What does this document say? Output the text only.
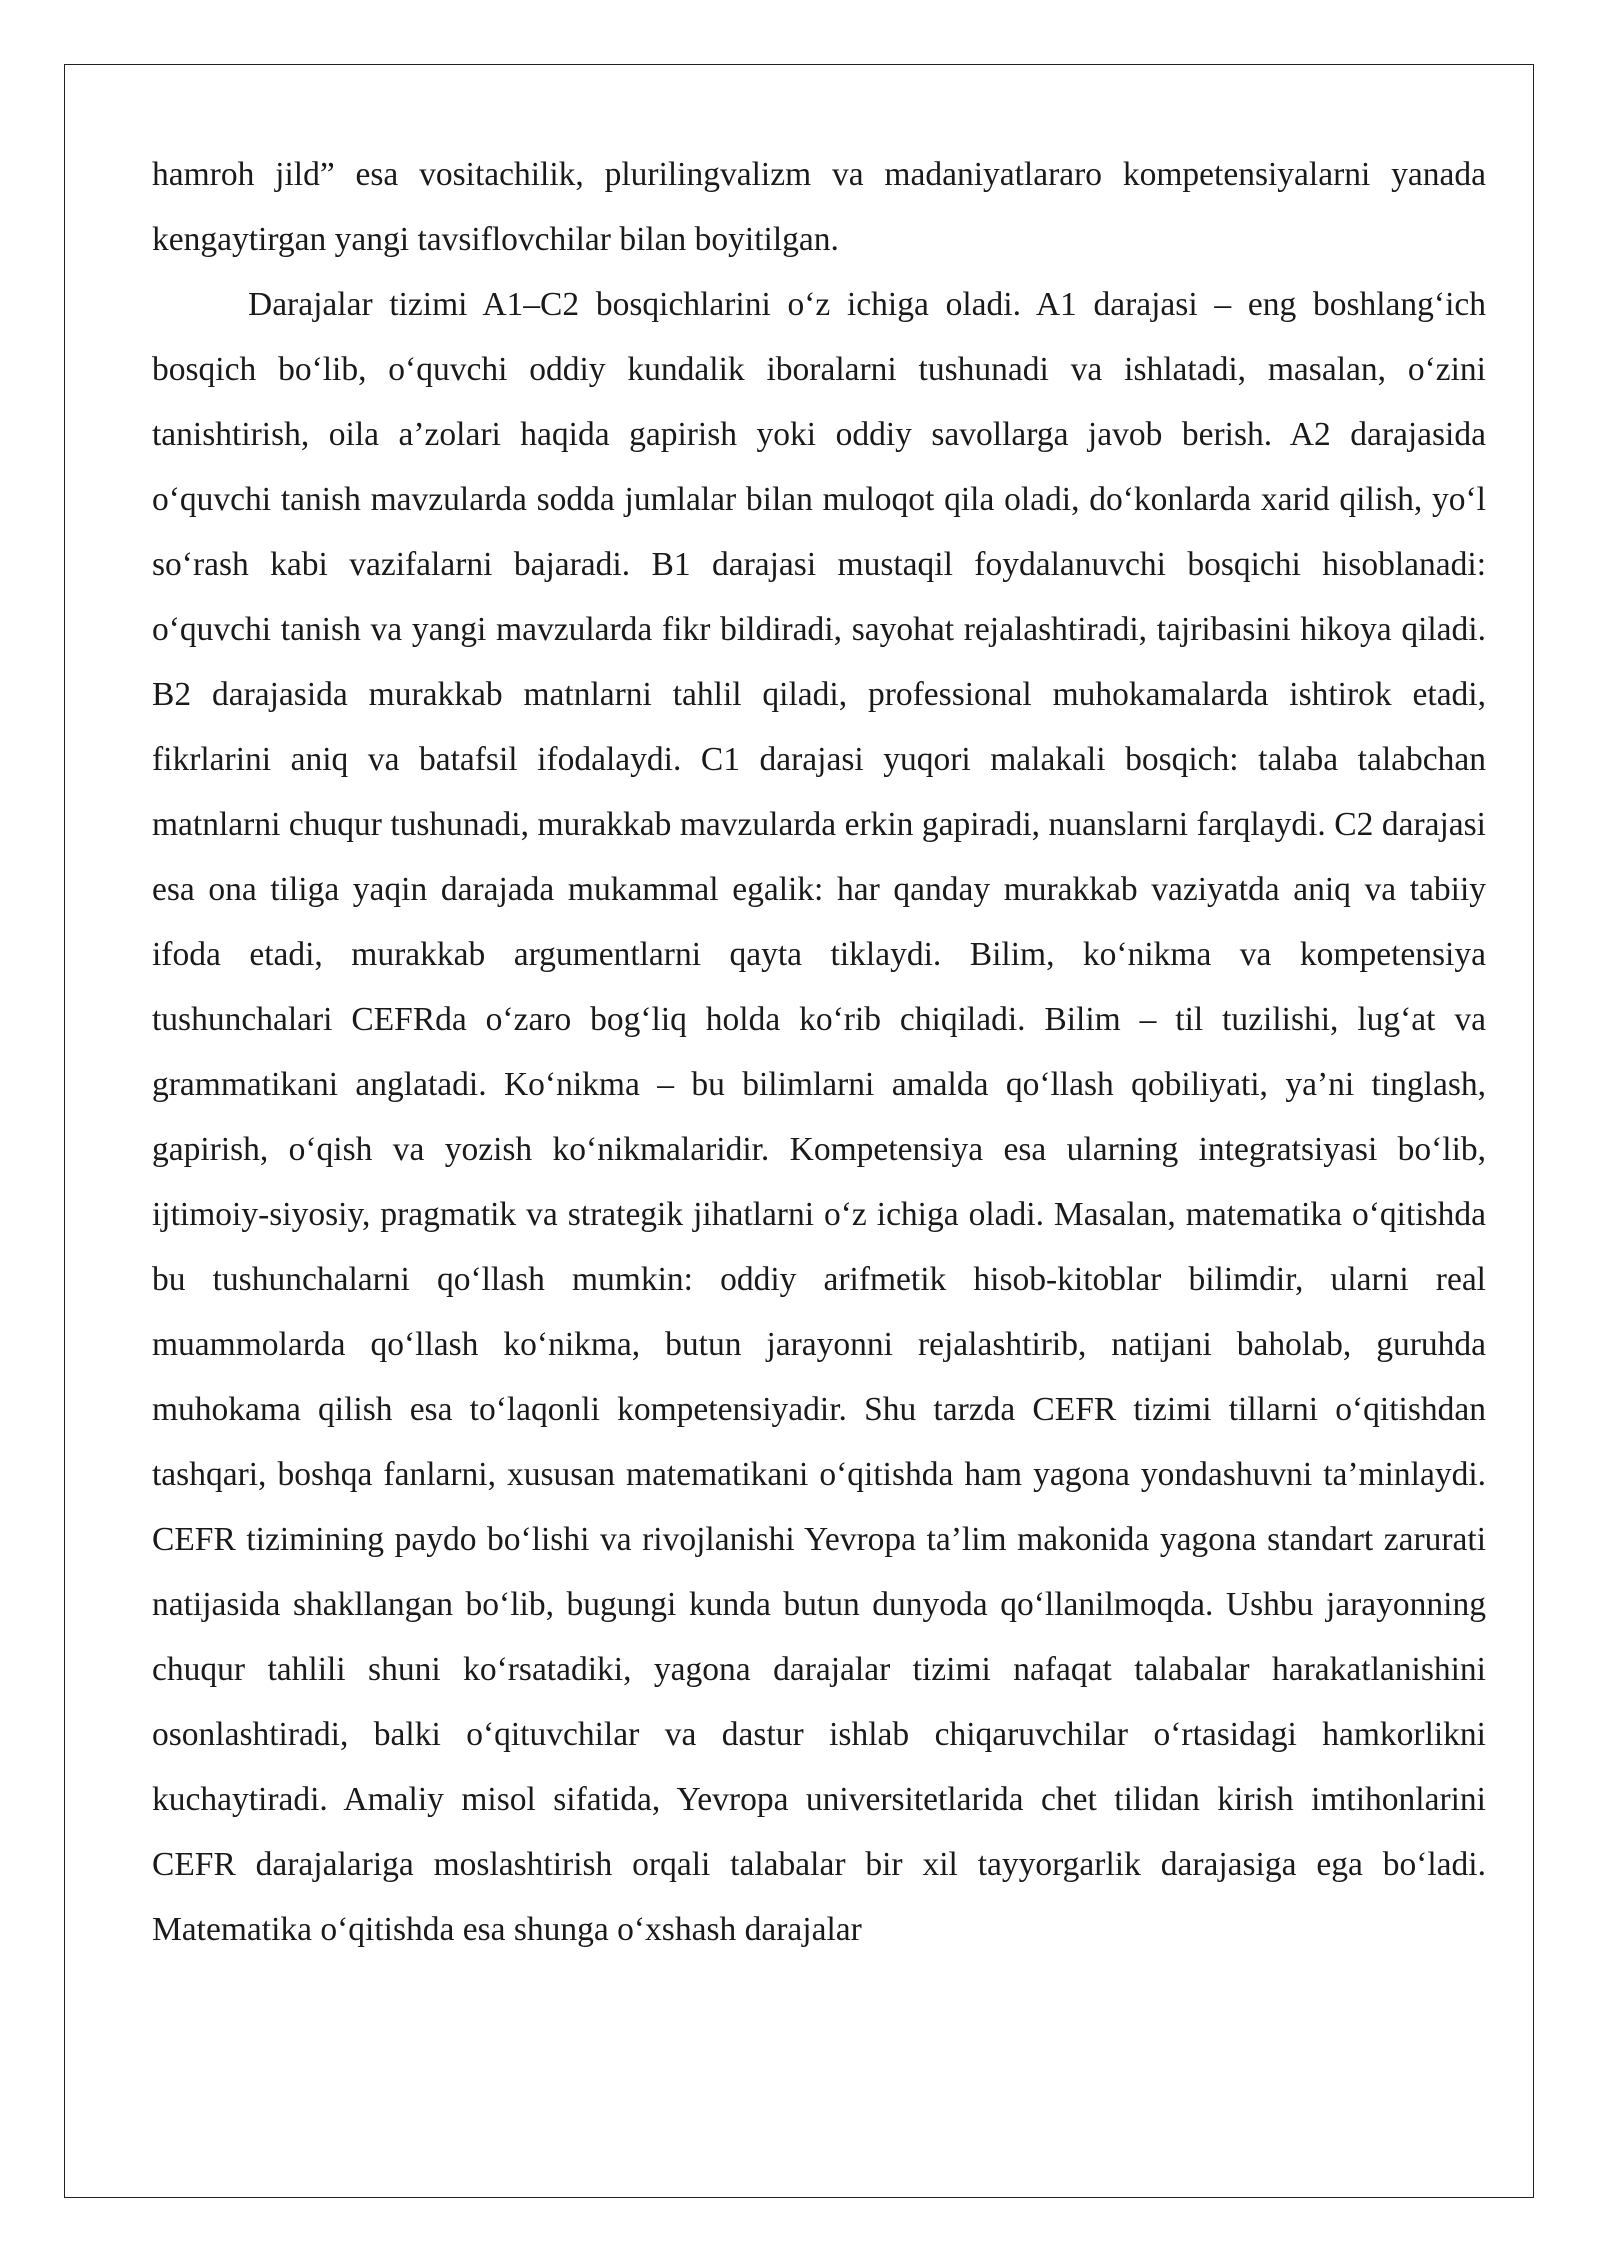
hamroh jild” esa vositachilik, plurilingvalizm va madaniyatlararo kompetensiyalarni yanada kengaytirgan yangi tavsiflovchilar bilan boyitilgan.

Darajalar tizimi A1–C2 bosqichlarini oʻz ichiga oladi. A1 darajasi – eng boshlangʻich bosqich boʻlib, oʻquvchi oddiy kundalik iboralarni tushunadi va ishlatadi, masalan, oʻzini tanishtirish, oila a’zolari haqida gapirish yoki oddiy savollarga javob berish. A2 darajasida oʻquvchi tanish mavzularda sodda jumlalar bilan muloqot qila oladi, doʻkonlarda xarid qilish, yoʻl soʻrash kabi vazifalarni bajaradi. B1 darajasi mustaqil foydalanuvchi bosqichi hisoblanadi: oʻquvchi tanish va yangi mavzularda fikr bildiradi, sayohat rejalashtiradi, tajribasini hikoya qiladi. B2 darajasida murakkab matnlarni tahlil qiladi, professional muhokamalarda ishtirok etadi, fikrlarini aniq va batafsil ifodalaydi. C1 darajasi yuqori malakali bosqich: talaba talabchan matnlarni chuqur tushunadi, murakkab mavzularda erkin gapiradi, nuanslarni farqlaydi. C2 darajasi esa ona tiliga yaqin darajada mukammal egalik: har qanday murakkab vaziyatda aniq va tabiiy ifoda etadi, murakkab argumentlarni qayta tiklaydi. Bilim, koʻnikma va kompetensiya tushunchalari CEFRda oʻzaro bogʻliq holda koʻrib chiqiladi. Bilim – til tuzilishi, lugʻat va grammatikani anglatadi. Koʻnikma – bu bilimlarni amalda qoʻllash qobiliyati, ya’ni tinglash, gapirish, oʻqish va yozish koʻnikmalaridir. Kompetensiya esa ularning integratsiyasi boʻlib, ijtimoiy-siyosiy, pragmatik va strategik jihatlarni oʻz ichiga oladi. Masalan, matematika oʻqitishda bu tushunchalarni qoʻllash mumkin: oddiy arifmetik hisob-kitoblar bilimdir, ularni real muammolarda qoʻllash koʻnikma, butun jarayonni rejalashtirib, natijani baholab, guruhda muhokama qilish esa toʻlaqonli kompetensiyadir. Shu tarzda CEFR tizimi tillarni oʻqitishdan tashqari, boshqa fanlarni, xususan matematikani oʻqitishda ham yagona yondashuvni ta’minlaydi. CEFR tizimining paydo boʻlishi va rivojlanishi Yevropa ta’lim makonida yagona standart zarurati natijasida shakllangan boʻlib, bugungi kunda butun dunyoda qoʻllanilmoqda. Ushbu jarayonning chuqur tahlili shuni koʻrsatadiki, yagona darajalar tizimi nafaqat talabalar harakatlanishini osonlashtiradi, balki oʻqituvchilar va dastur ishlab chiqaruvchilar oʻrtasidagi hamkorlikni kuchaytiradi. Amaliy misol sifatida, Yevropa universitetlarida chet tilidan kirish imtihonlarini CEFR darajalariga moslashtirish orqali talabalar bir xil tayyorgarlik darajasiga ega boʻladi. Matematika oʻqitishda esa shunga oʻxshash darajalar
